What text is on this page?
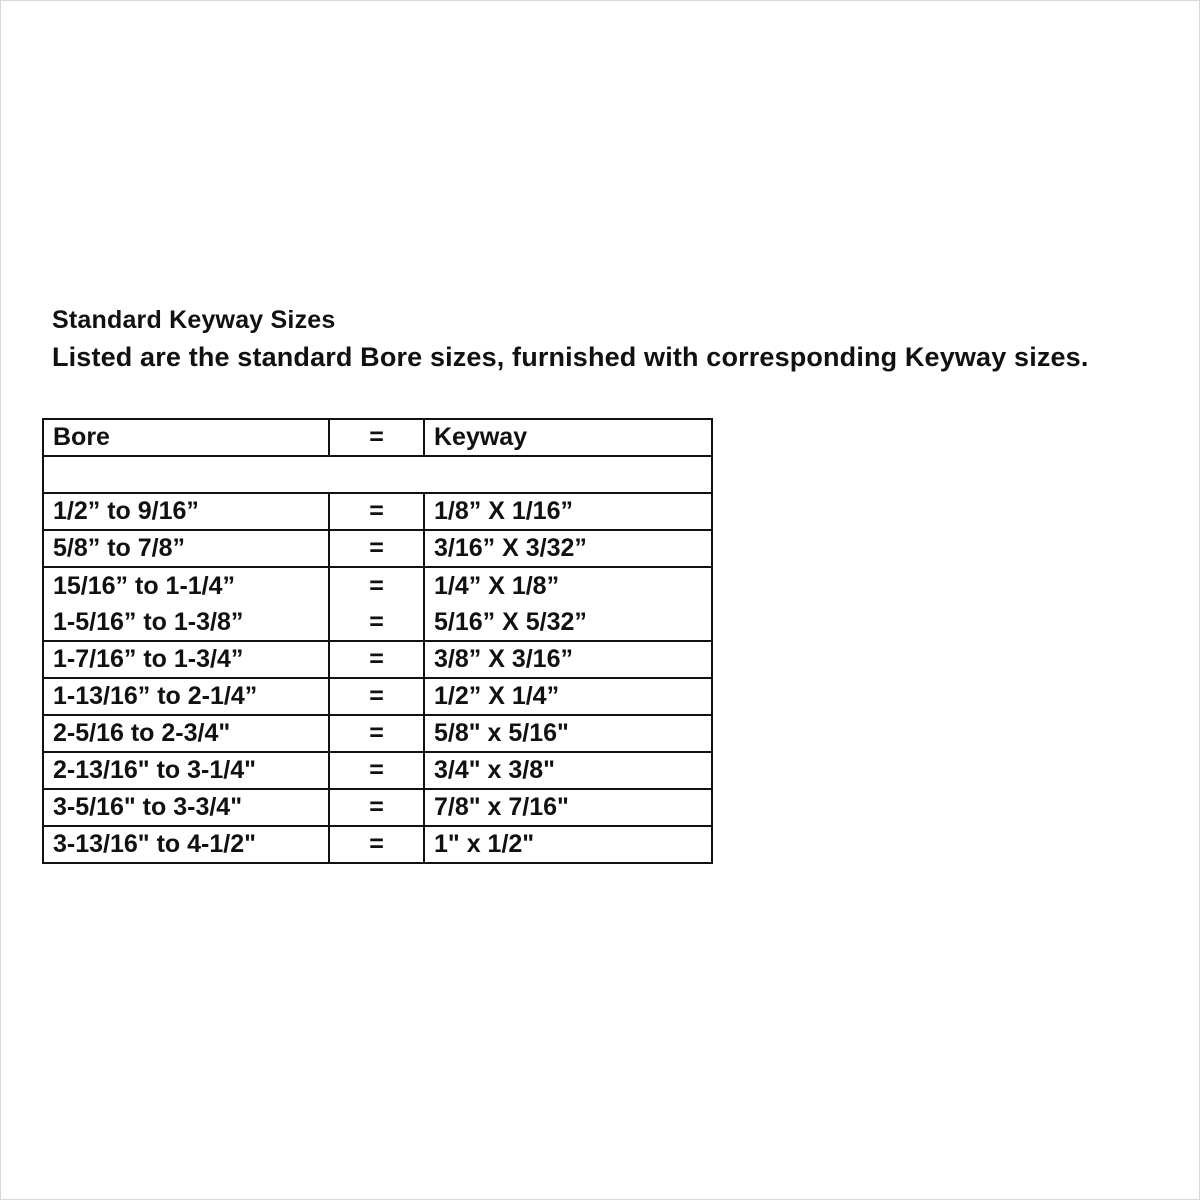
Standard Keyway Sizes
Listed are the standard Bore sizes, furnished with corresponding Keyway sizes.
Bore	=	Keyway

1/2” to 9/16”	=	1/8” X 1/16”
5/8” to 7/8”	=	3/16” X 3/32”
15/16” to 1-1/4”	=	1/4” X 1/8”
1-5/16” to 1-3/8”	=	5/16” X 5/32”
1-7/16” to 1-3/4”	=	3/8” X 3/16”
1-13/16” to 2-1/4”	=	1/2” X 1/4”
2-5/16 to 2-3/4"	=	5/8" x 5/16"
2-13/16" to 3-1/4"	=	3/4" x 3/8"
3-5/16" to 3-3/4"	=	7/8" x 7/16"
3-13/16" to 4-1/2"	=	1" x 1/2"
